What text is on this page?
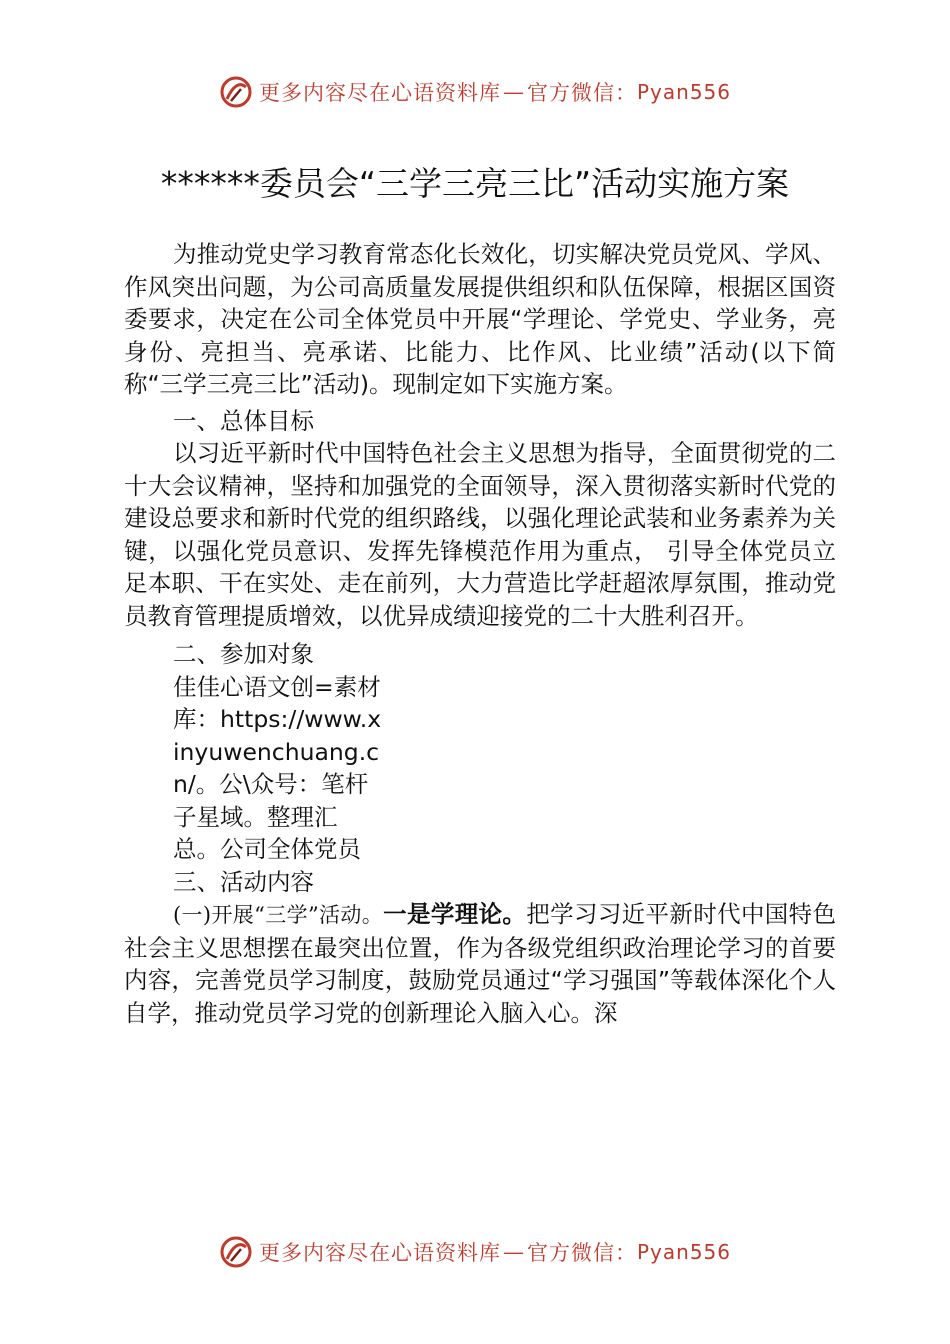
更多内容尽在心语资料库 — 官方微信： Pyan556
******委员会“三学三亮三比”活动实施方案

为推动党史学习教育常态化长效化，切实解决党员党风、学风、作风突出问题，为公司高质量发展提供组织和队伍保障，根据区国资委要求，决定在公司全体党员中开展“学理论、学党史、学业务，亮身份、亮担当、亮承诺、比能力、比作风、比业绩”活动(以下简称“三学三亮三比”活动)。现制定如下实施方案。

一、总体目标

以习近平新时代中国特色社会主义思想为指导，全面贯彻党的二十大会议精神，坚持和加强党的全面领导，深入贯彻落实新时代党的建设总要求和新时代党的组织路线，以强化理论武装和业务素养为关键，以强化党员意识、发挥先锋模范作用为重点， 引导全体党员立足本职、干在实处、走在前列，大力营造比学赶超浓厚氛围，推动党员教育管理提质增效，以优异成绩迎接党的二十大胜利召开。

二、参加对象

佳佳心语文创=素材库：https://www.xinyuwenchuang.cn/。公\众号：笔杆子星域。整理汇总。公司全体党员三、活动内容

(一)开展“三学”活动。一是学理论。把学习习近平新时代中国特色社会主义思想摆在最突出位置，作为各级党组织政治理论学习的首要内容，完善党员学习制度，鼓励党员通过“学习强国”等载体深化个人自学，推动党员学习党的创新理论入脑入心。深

更多内容尽在心语资料库 — 官方微信： Pyan556
